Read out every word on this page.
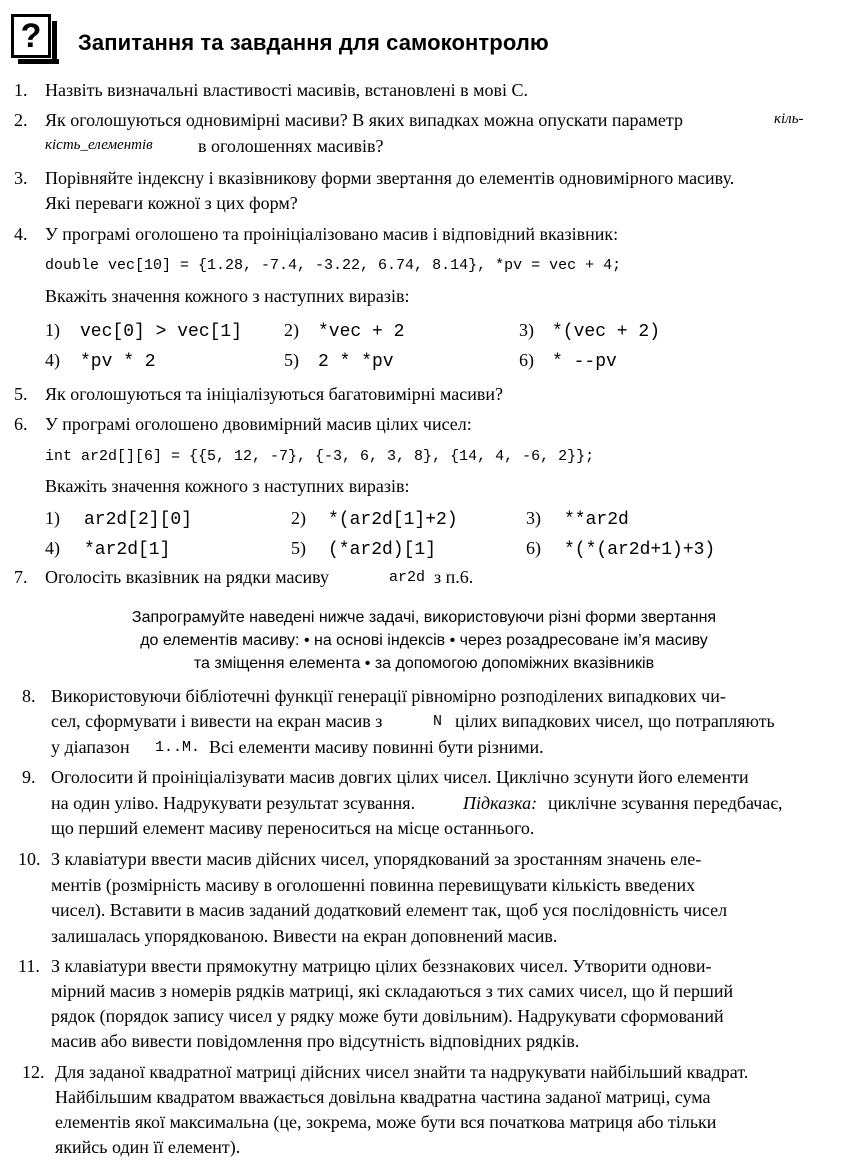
?	Запитання та завдання для самоконтролю
1. Назвіть визначальні властивості масивів, встановлені в мові С.
2. Як оголошуються одновимірні масиви? В яких випадках можна опускати параметр	кіль-
кість_елементів	в оголошеннях масивів?
3. Порівняйте індексну і вказівникову форми звертання до елементів одновимірного масиву.
Які переваги кожної з цих форм?
4. У програмі оголошено та проініціалізовано масив і відповідний вказівник:
double vec[10] = {1.28, -7.4, -3.22, 6.74, 8.14}, *pv = vec + 4;
Вкажіть значення кожного з наступних виразів:
1) vec[0] > vec[1] 2) *vec + 2	3) *(vec + 2)
4) *pv * 2	5) 2 * *pv	6) * --pv
5. Як оголошуються та ініціалізуються багатовимірні масиви?
6. У програмі оголошено двовимірний масив цілих чисел:
int ar2d[][6] = {{5, 12, -7}, {-3, 6, 3, 8}, {14, 4, -6, 2}};
Вкажіть значення кожного з наступних виразів:
1) ar2d[2][0]	2) *(ar2d[1]+2)	3) **ar2d
4) *ar2d[1]	5) (*ar2d)[1]	6) *(*(ar2d+1)+3)
7. Оголосіть вказівник на рядки масиву	ar2d з п.6.
Запрограмуйте наведені нижче задачі, використовуючи різні форми звертання
до елементів масиву: • на основі індексів • через розадресоване ім’я масиву
та зміщення елемента • за допомогою допоміжних вказівників
8. Використовуючи бібліотечні функції генерації рівномірно розподілених випадкових чи-
сел, сформувати і вивести на екран масив з	N цілих випадкових чисел, що потрапляють
у діапазон 1..M. Всі елементи масиву повинні бути різними.
9. Оголосити й проініціалізувати масив довгих цілих чисел. Циклічно зсунути його елементи
на один уліво. Надрукувати результат зсування.	Підказка: циклічне зсування передбачає,
що перший елемент масиву переноситься на місце останнього.
10. З клавіатури ввести масив дійсних чисел, упорядкований за зростанням значень еле-
ментів (розмірність масиву в оголошенні повинна перевищувати кількість введених
чисел). Вставити в масив заданий додатковий елемент так, щоб уся послідовність чисел
залишалась упорядкованою. Вивести на екран доповнений масив.
11. З клавіатури ввести прямокутну матрицю цілих беззнакових чисел. Утворити однови-
мірний масив з номерів рядків матриці, які складаються з тих самих чисел, що й перший
рядок (порядок запису чисел у рядку може бути довільним). Надрукувати сформований
масив або вивести повідомлення про відсутність відповідних рядків.
12. Для заданої квадратної матриці дійсних чисел знайти та надрукувати найбільший квадрат.
Найбільшим квадратом вважається довільна квадратна частина заданої матриці, сума
елементів якої максимальна (це, зокрема, може бути вся початкова матриця або тільки
якийсь один її елемент).
